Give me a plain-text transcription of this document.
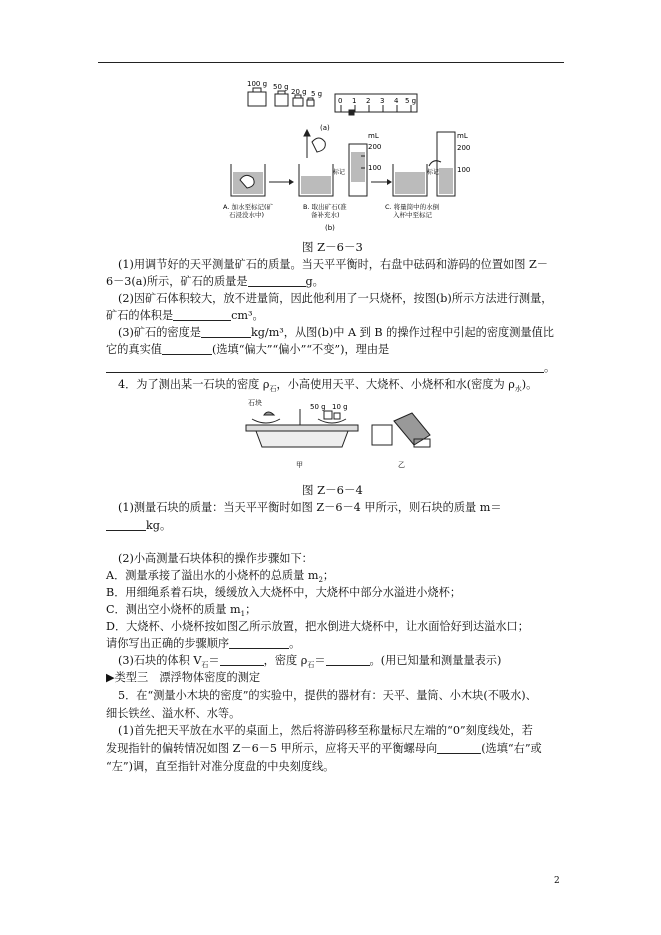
100 g 50 g
20 g 5 g
0 1 2 3 4 5 g
(a)
标记
mL
200
100
标记
mL
200
100
A. 加水至标记(矿
石浸没水中)
B. 取出矿石(准
备补充水)
C. 将量筒中的水倒
入杯中至标记
(b)
图 Z－6－3
(1)用调节好的天平测量矿石的质量。当天平平衡时，右盘中砝码和游码的位置如图 Z－
6－3(a)所示，矿石的质量是	g。
(2)因矿石体积较大，放不进量筒，因此他利用了一只烧杯，按图(b)所示方法进行测量，
矿石的体积是	cm³。
(3)矿石的密度是	kg/m³，从图(b)中 A 到 B 的操作过程中引起的密度测量值比
它的真实值	(选填“偏大”“偏小”“不变”)，理由是
。
4．为了测出某一石块的密度 $\rho_石$，小高使用天平、大烧杯、小烧杯和水(密度为 $\rho_水$)。
石块	50 g 10 g
甲	乙
图 Z－6－4
(1)测量石块的质量：当天平平衡时如图 Z－6－4 甲所示，则石块的质量 m＝
kg。
(2)小高测量石块体积的操作步骤如下：
A．测量承接了溢出水的小烧杯的总质量 $m_2$；
B．用细绳系着石块，缓缓放入大烧杯中，大烧杯中部分水溢进小烧杯；
C．测出空小烧杯的质量 $m_1$；
D．大烧杯、小烧杯按如图乙所示放置，把水倒进大烧杯中，让水面恰好到达溢水口；
请你写出正确的步骤顺序	。
(3)石块的体积 $V_石=$	，密度 $\rho_石=$	。(用已知量和测量量表示)
▶类型三　漂浮物体密度的测定
5．在“测量小木块的密度”的实验中，提供的器材有：天平、量筒、小木块(不吸水)、
细长铁丝、溢水杯、水等。
(1)首先把天平放在水平的桌面上，然后将游码移至称量标尺左端的“0”刻度线处，若
发现指针的偏转情况如图 Z－6－5 甲所示，应将天平的平衡螺母向	(选填“右”或
“左”)调，直至指针对准分度盘的中央刻度线。
2
